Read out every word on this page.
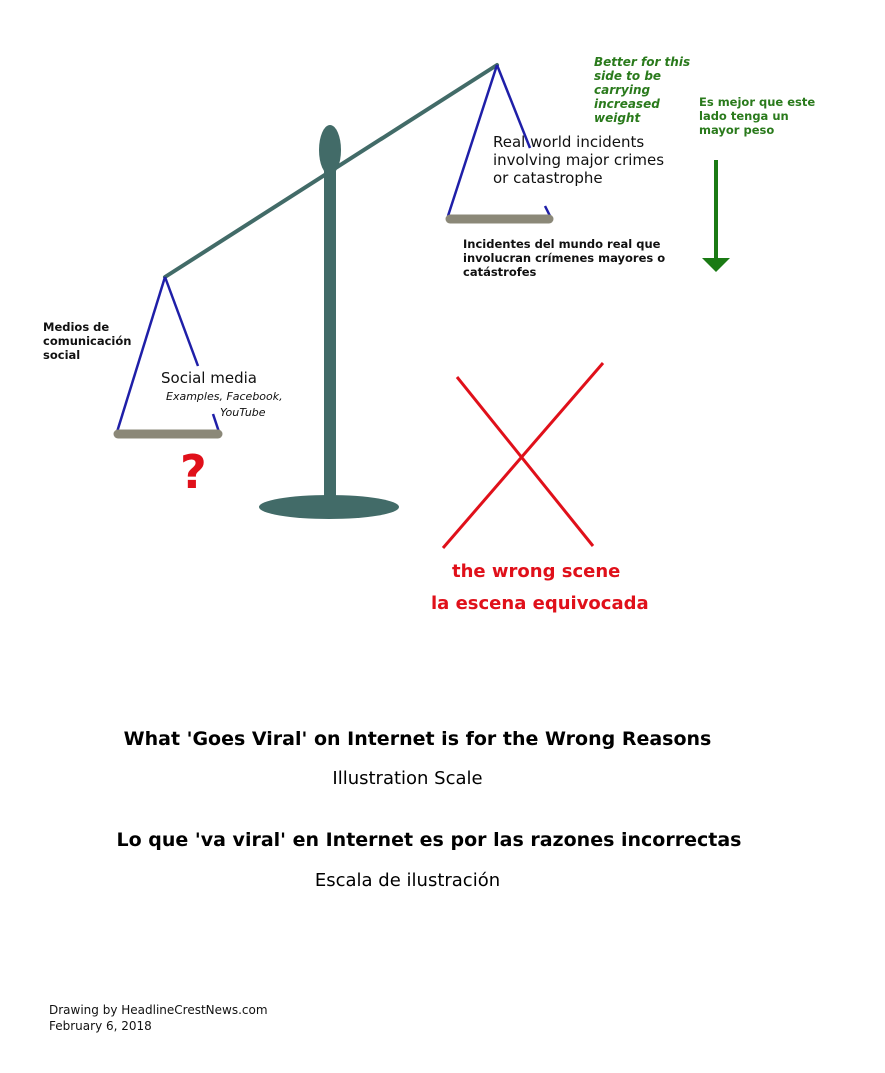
Better for this side to be carrying increased weight
Es mejor que este lado tenga un mayor peso
Real world incidents involving major crimes or catastrophe
Incidentes del mundo real que involucran crímenes mayores o catástrofes
Medios de comunicación social
Social media
Examples, Facebook,
YouTube
?
the wrong scene
la escena equivocada
What 'Goes Viral' on Internet is for the Wrong Reasons
Illustration Scale
Lo que 'va viral' en Internet es por las razones incorrectas
Escala de ilustración
Drawing by HeadlineCrestNews.com
February 6, 2018
